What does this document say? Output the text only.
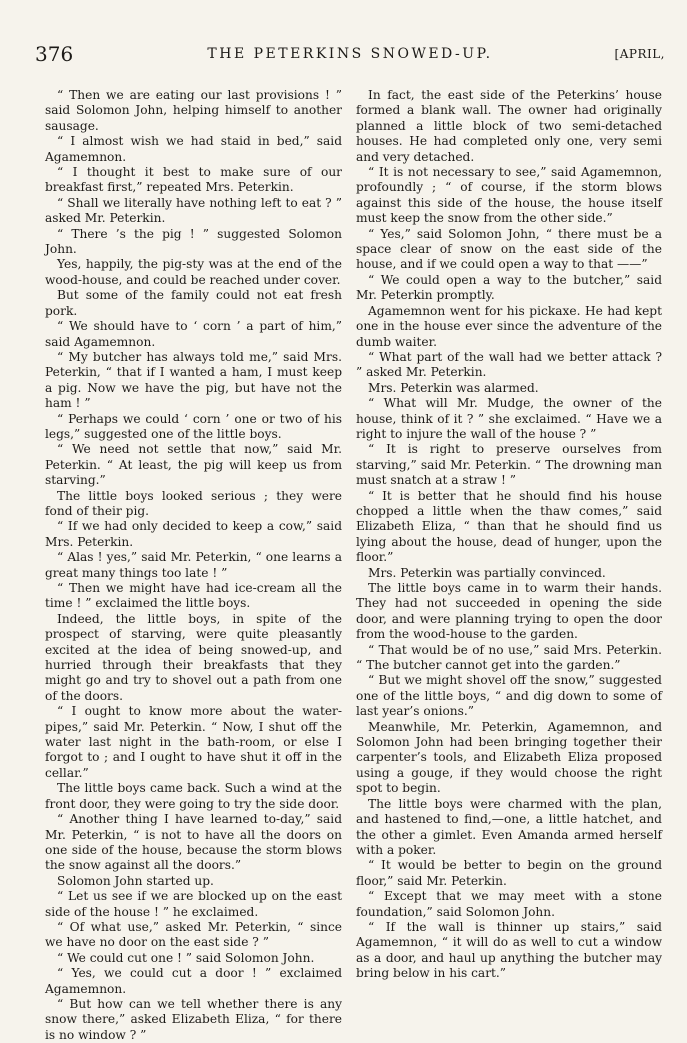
376	THE PETERKINS SNOWED-UP.	[APRIL,

“ Then we are eating our last provisions ! ” said Solomon John, helping himself to another sausage.

“ I almost wish we had staid in bed,” said Agamemnon.

“ I thought it best to make sure of our breakfast first,” repeated Mrs. Peterkin.

“ Shall we literally have nothing left to eat ? ” asked Mr. Peterkin.

“ There ’s the pig ! ” suggested Solomon John.

Yes, happily, the pig-sty was at the end of the wood-house, and could be reached under cover.

But some of the family could not eat fresh pork.

“ We should have to ‘ corn ’ a part of him,” said Agamemnon.

“ My butcher has always told me,” said Mrs. Peterkin, “ that if I wanted a ham, I must keep a pig. Now we have the pig, but have not the ham ! ”

“ Perhaps we could ‘ corn ’ one or two of his legs,” suggested one of the little boys.

“ We need not settle that now,” said Mr. Peterkin. “ At least, the pig will keep us from starving.”

The little boys looked serious ; they were fond of their pig.

“ If we had only decided to keep a cow,” said Mrs. Peterkin.

“ Alas ! yes,” said Mr. Peterkin, “ one learns a great many things too late ! ”

“ Then we might have had ice-cream all the time ! ” exclaimed the little boys.

Indeed, the little boys, in spite of the prospect of starving, were quite pleasantly excited at the idea of being snowed-up, and hurried through their breakfasts that they might go and try to shovel out a path from one of the doors.

“ I ought to know more about the water-pipes,” said Mr. Peterkin. “ Now, I shut off the water last night in the bath-room, or else I forgot to ; and I ought to have shut it off in the cellar.”

The little boys came back. Such a wind at the front door, they were going to try the side door.

“ Another thing I have learned to-day,” said Mr. Peterkin, “ is not to have all the doors on one side of the house, because the storm blows the snow against all the doors.”

Solomon John started up.

“ Let us see if we are blocked up on the east side of the house ! ” he exclaimed.

“ Of what use,” asked Mr. Peterkin, “ since we have no door on the east side ? ”

“ We could cut one ! ” said Solomon John.

“ Yes, we could cut a door ! ” exclaimed Agamemnon.

“ But how can we tell whether there is any snow there,” asked Elizabeth Eliza, “ for there is no window ? ”

In fact, the east side of the Peterkins’ house formed a blank wall. The owner had originally planned a little block of two semi-detached houses. He had completed only one, very semi and very detached.

“ It is not necessary to see,” said Agamemnon, profoundly ; “ of course, if the storm blows against this side of the house, the house itself must keep the snow from the other side.”

“ Yes,” said Solomon John, “ there must be a space clear of snow on the east side of the house, and if we could open a way to that ——”

“ We could open a way to the butcher,” said Mr. Peterkin promptly.

Agamemnon went for his pickaxe. He had kept one in the house ever since the adventure of the dumb waiter.

“ What part of the wall had we better attack ? ” asked Mr. Peterkin.

Mrs. Peterkin was alarmed.

“ What will Mr. Mudge, the owner of the house, think of it ? ” she exclaimed. “ Have we a right to injure the wall of the house ? ”

“ It is right to preserve ourselves from starving,” said Mr. Peterkin. “ The drowning man must snatch at a straw ! ”

“ It is better that he should find his house chopped a little when the thaw comes,” said Elizabeth Eliza, “ than that he should find us lying about the house, dead of hunger, upon the floor.”

Mrs. Peterkin was partially convinced.

The little boys came in to warm their hands. They had not succeeded in opening the side door, and were planning trying to open the door from the wood-house to the garden.

“ That would be of no use,” said Mrs. Peterkin. “ The butcher cannot get into the garden.”

“ But we might shovel off the snow,” suggested one of the little boys, “ and dig down to some of last year’s onions.”

Meanwhile, Mr. Peterkin, Agamemnon, and Solomon John had been bringing together their carpenter’s tools, and Elizabeth Eliza proposed using a gouge, if they would choose the right spot to begin.

The little boys were charmed with the plan, and hastened to find,—one, a little hatchet, and the other a gimlet. Even Amanda armed herself with a poker.

“ It would be better to begin on the ground floor,” said Mr. Peterkin.

“ Except that we may meet with a stone foundation,” said Solomon John.

“ If the wall is thinner up stairs,” said Agamemnon, “ it will do as well to cut a window as a door, and haul up anything the butcher may bring below in his cart.”
